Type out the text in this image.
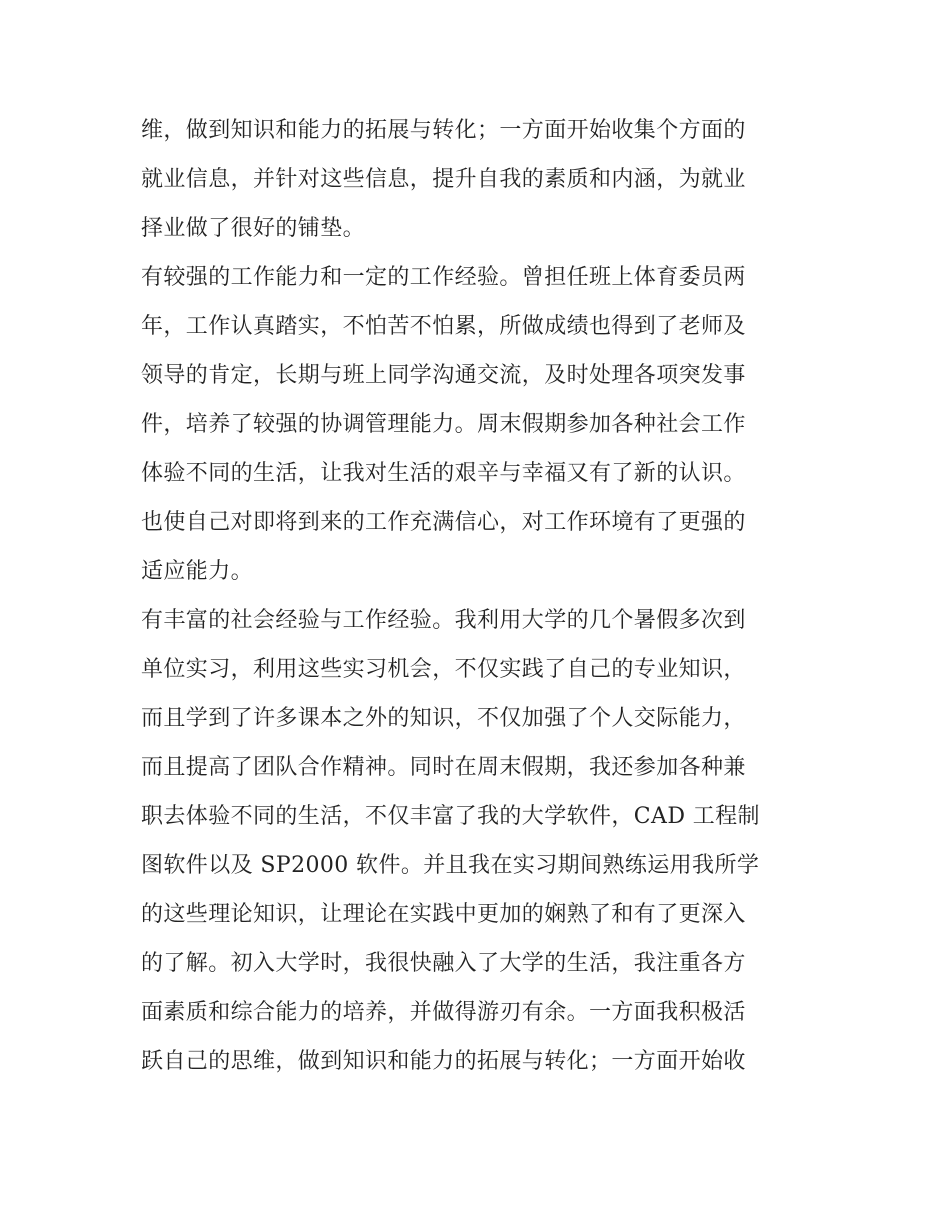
维，做到知识和能力的拓展与转化；一方面开始收集个方面的
就业信息，并针对这些信息，提升自我的素质和内涵，为就业
择业做了很好的铺垫。
有较强的工作能力和一定的工作经验。曾担任班上体育委员两
年，工作认真踏实，不怕苦不怕累，所做成绩也得到了老师及
领导的肯定，长期与班上同学沟通交流，及时处理各项突发事
件，培养了较强的协调管理能力。周末假期参加各种社会工作
体验不同的生活，让我对生活的艰辛与幸福又有了新的认识。
也使自己对即将到来的工作充满信心，对工作环境有了更强的
适应能力。
有丰富的社会经验与工作经验。我利用大学的几个暑假多次到
单位实习，利用这些实习机会，不仅实践了自己的专业知识，
而且学到了许多课本之外的知识，不仅加强了个人交际能力，
而且提高了团队合作精神。同时在周末假期，我还参加各种兼
职去体验不同的生活，不仅丰富了我的大学软件，CAD 工程制
图软件以及 SP2000 软件。并且我在实习期间熟练运用我所学
的这些理论知识，让理论在实践中更加的娴熟了和有了更深入
的了解。初入大学时，我很快融入了大学的生活，我注重各方
面素质和综合能力的培养，并做得游刃有余。一方面我积极活
跃自己的思维，做到知识和能力的拓展与转化；一方面开始收
